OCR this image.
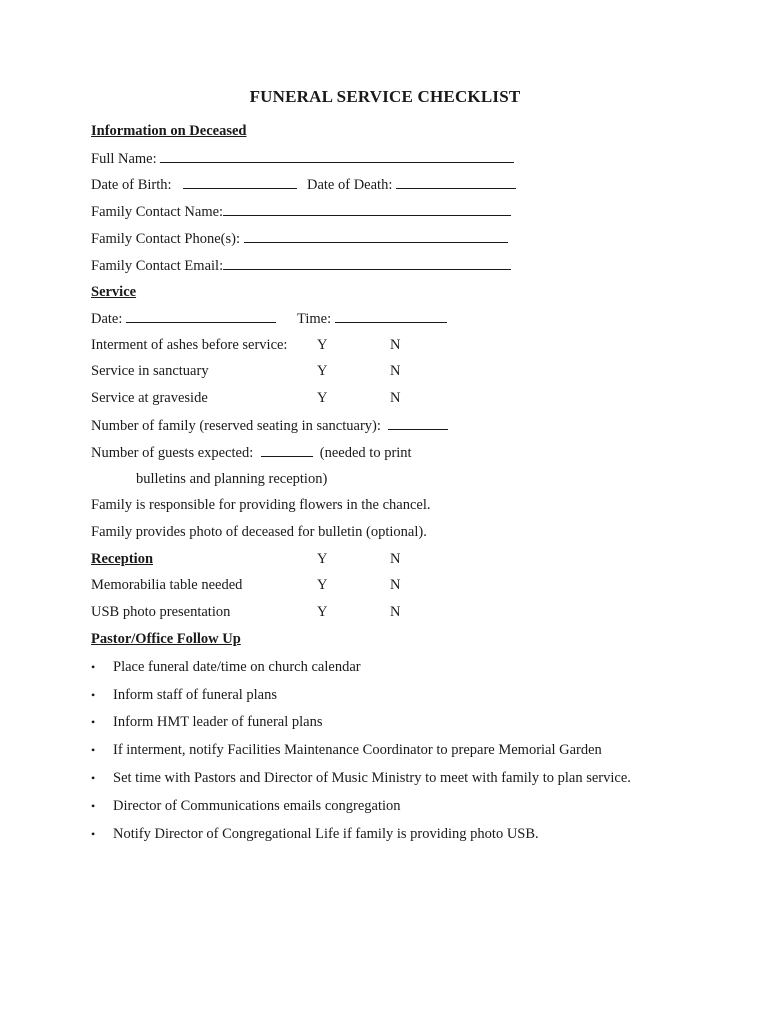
FUNERAL SERVICE CHECKLIST
Information on Deceased
Full Name:
Date of Birth:	Date of Death:
Family Contact Name:
Family Contact Phone(s):
Family Contact Email:
Service
Date:	Time:
Interment of ashes before service: Y	N
Service in sanctuary	Y	N
Service at graveside	Y	N
Number of family (reserved seating in sanctuary):
Number of guests expected:	(needed to print
bulletins and planning reception)
Family is responsible for providing flowers in the chancel.
Family provides photo of deceased for bulletin (optional).
Reception	Y	N
Memorabilia table needed	Y	N
USB photo presentation	Y	N
Pastor/Office Follow Up
• Place funeral date/time on church calendar
• Inform staff of funeral plans
• Inform HMT leader of funeral plans
• If interment, notify Facilities Maintenance Coordinator to prepare Memorial Garden
• Set time with Pastors and Director of Music Ministry to meet with family to plan service.
• Director of Communications emails congregation
• Notify Director of Congregational Life if family is providing photo USB.
